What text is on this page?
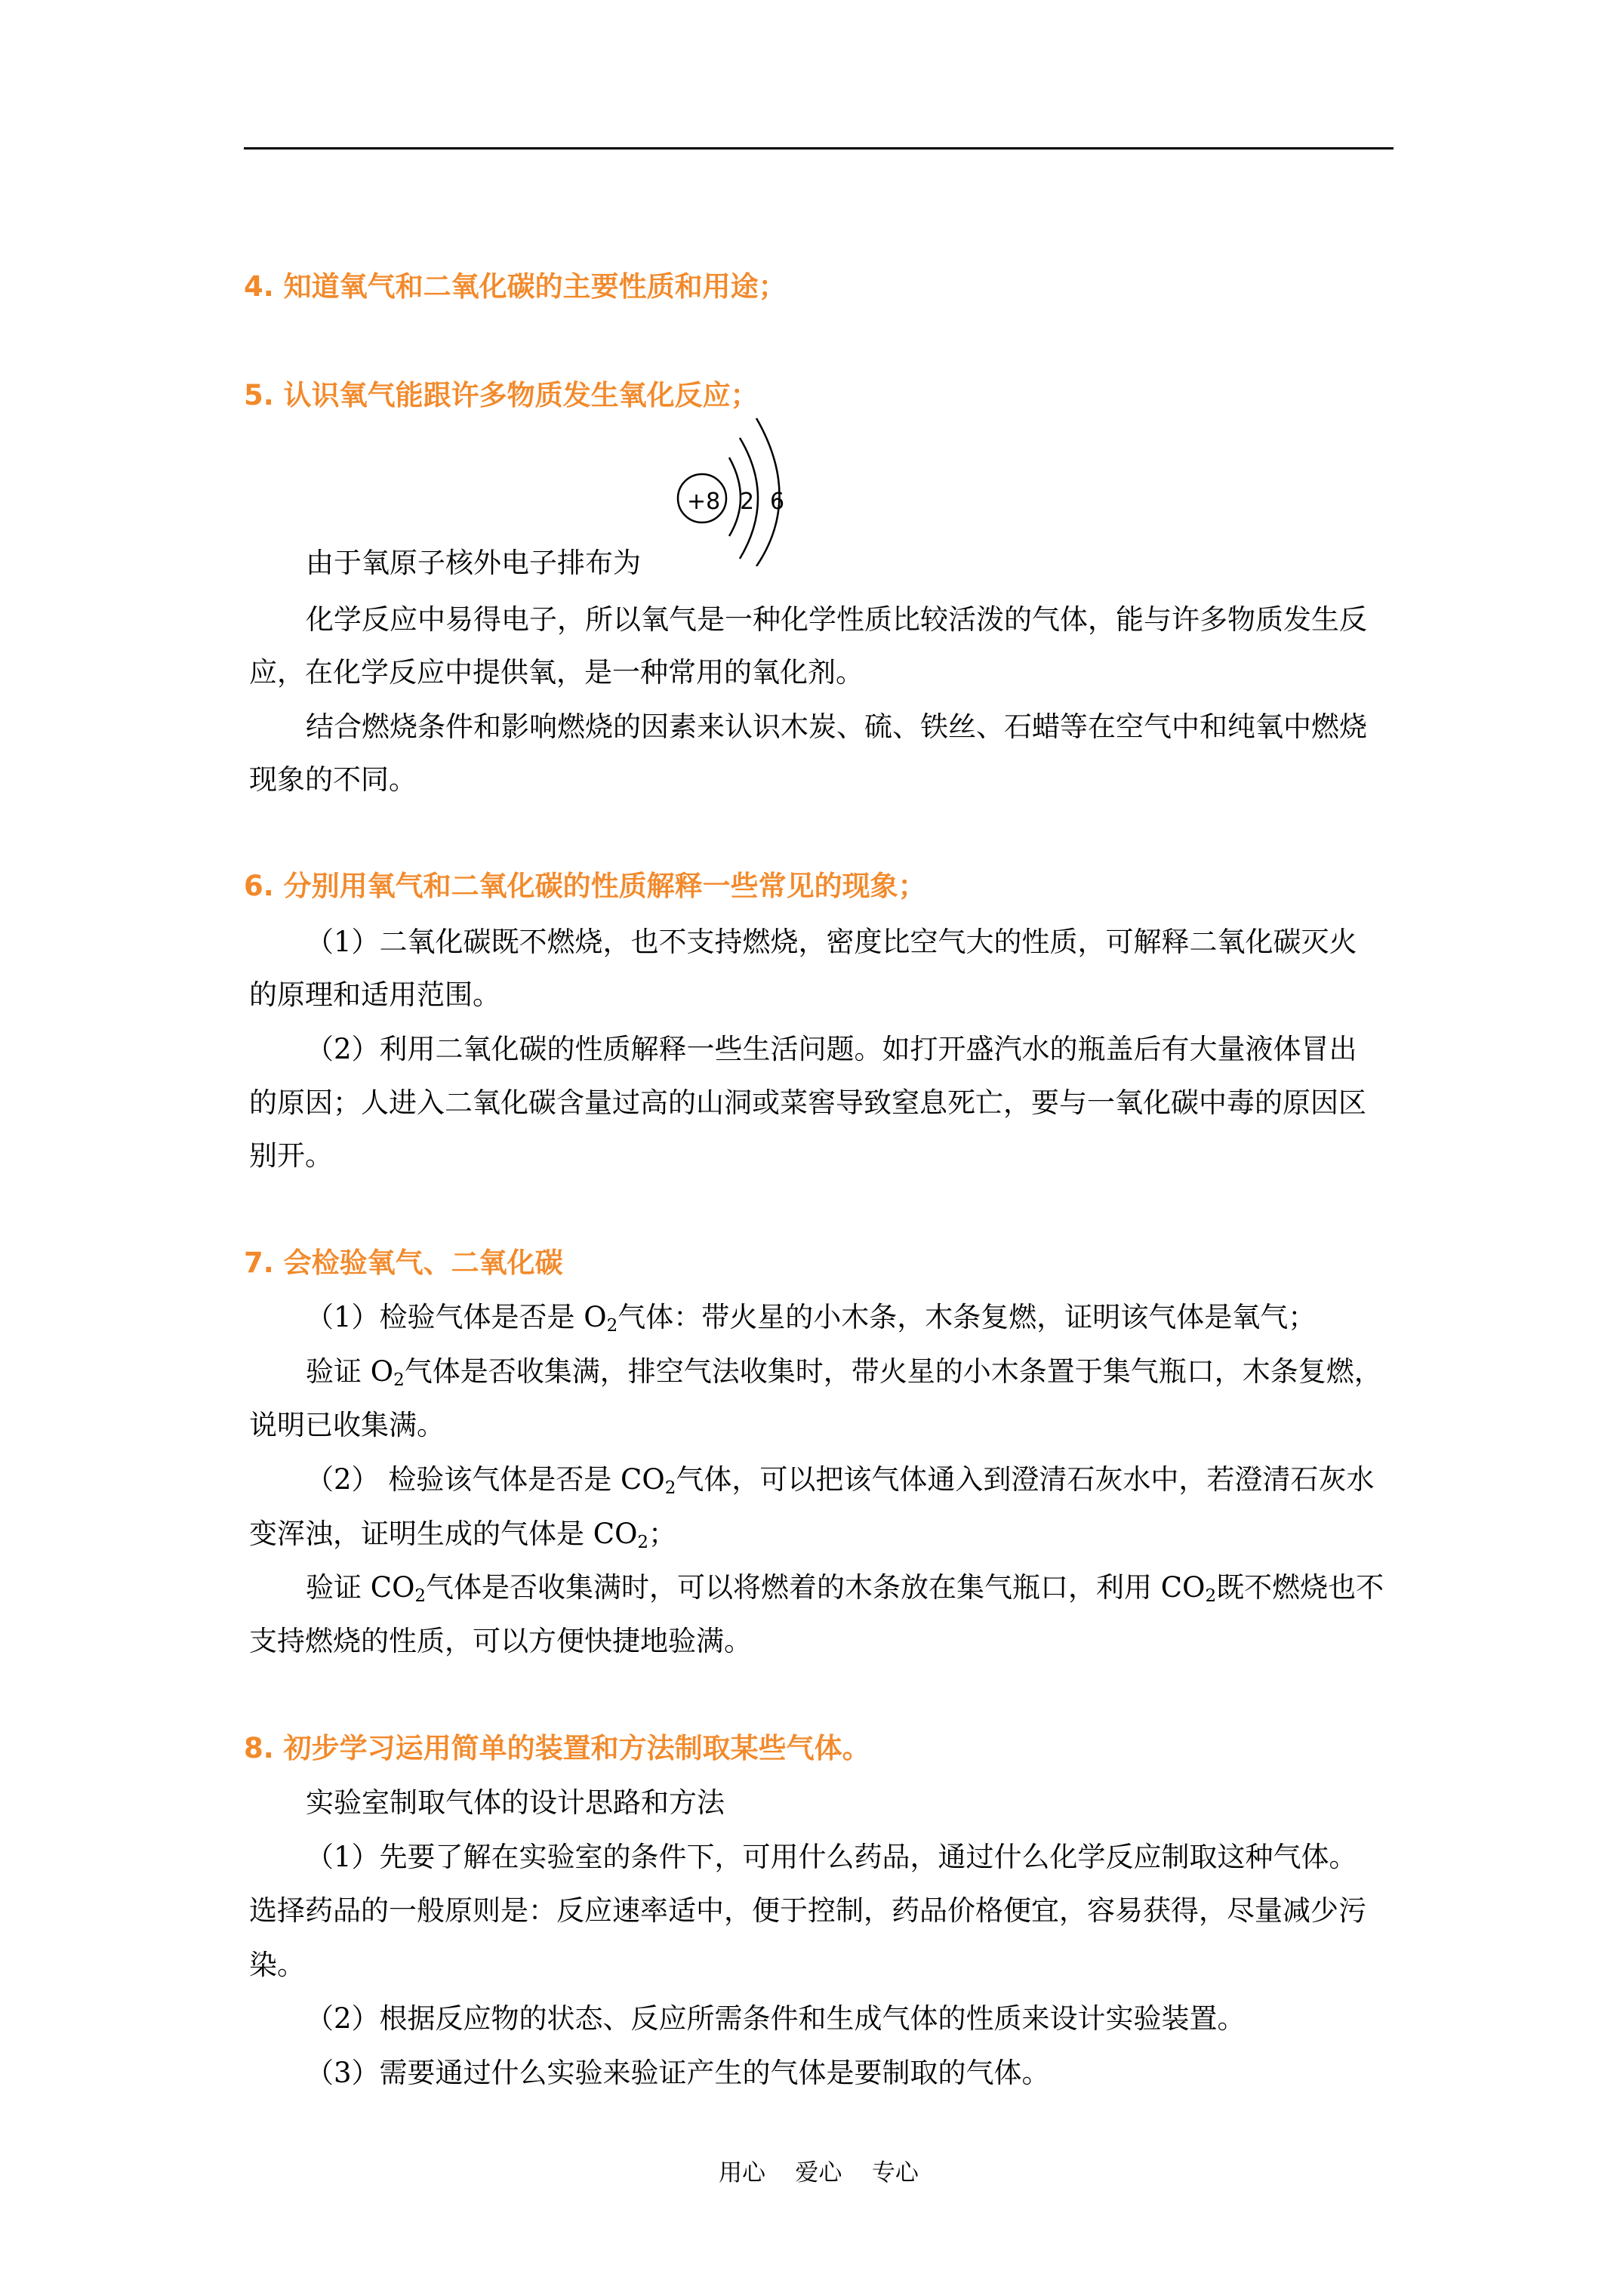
4. 知道氧气和二氧化碳的主要性质和用途；
5. 认识氧气能跟许多物质发生氧化反应；
+8 2 6
由于氧原子核外电子排布为
化学反应中易得电子，所以氧气是一种化学性质比较活泼的气体，能与许多物质发生反
应，在化学反应中提供氧，是一种常用的氧化剂。
结合燃烧条件和影响燃烧的因素来认识木炭、硫、铁丝、石蜡等在空气中和纯氧中燃烧
现象的不同。
6. 分别用氧气和二氧化碳的性质解释一些常见的现象；
（1）二氧化碳既不燃烧，也不支持燃烧，密度比空气大的性质，可解释二氧化碳灭火
的原理和适用范围。
（2）利用二氧化碳的性质解释一些生活问题。如打开盛汽水的瓶盖后有大量液体冒出
的原因；人进入二氧化碳含量过高的山洞或菜窖导致窒息死亡，要与一氧化碳中毒的原因区
别开。
7. 会检验氧气、二氧化碳
（1）检验气体是否是 $O_2$气体：带火星的小木条，木条复燃，证明该气体是氧气；
验证 $O_2$气体是否收集满，排空气法收集时，带火星的小木条置于集气瓶口，木条复燃，
说明已收集满。
（2） 检验该气体是否是 $CO_2$气体，可以把该气体通入到澄清石灰水中，若澄清石灰水
变浑浊，证明生成的气体是 $CO_2$；
验证 $CO_2$气体是否收集满时，可以将燃着的木条放在集气瓶口，利用 $CO_2$既不燃烧也不
支持燃烧的性质，可以方便快捷地验满。
8. 初步学习运用简单的装置和方法制取某些气体。
实验室制取气体的设计思路和方法
（1）先要了解在实验室的条件下，可用什么药品，通过什么化学反应制取这种气体。
选择药品的一般原则是：反应速率适中，便于控制，药品价格便宜，容易获得，尽量减少污
染。
（2）根据反应物的状态、反应所需条件和生成气体的性质来设计实验装置。
（3）需要通过什么实验来验证产生的气体是要制取的气体。
用心    爱心    专心
